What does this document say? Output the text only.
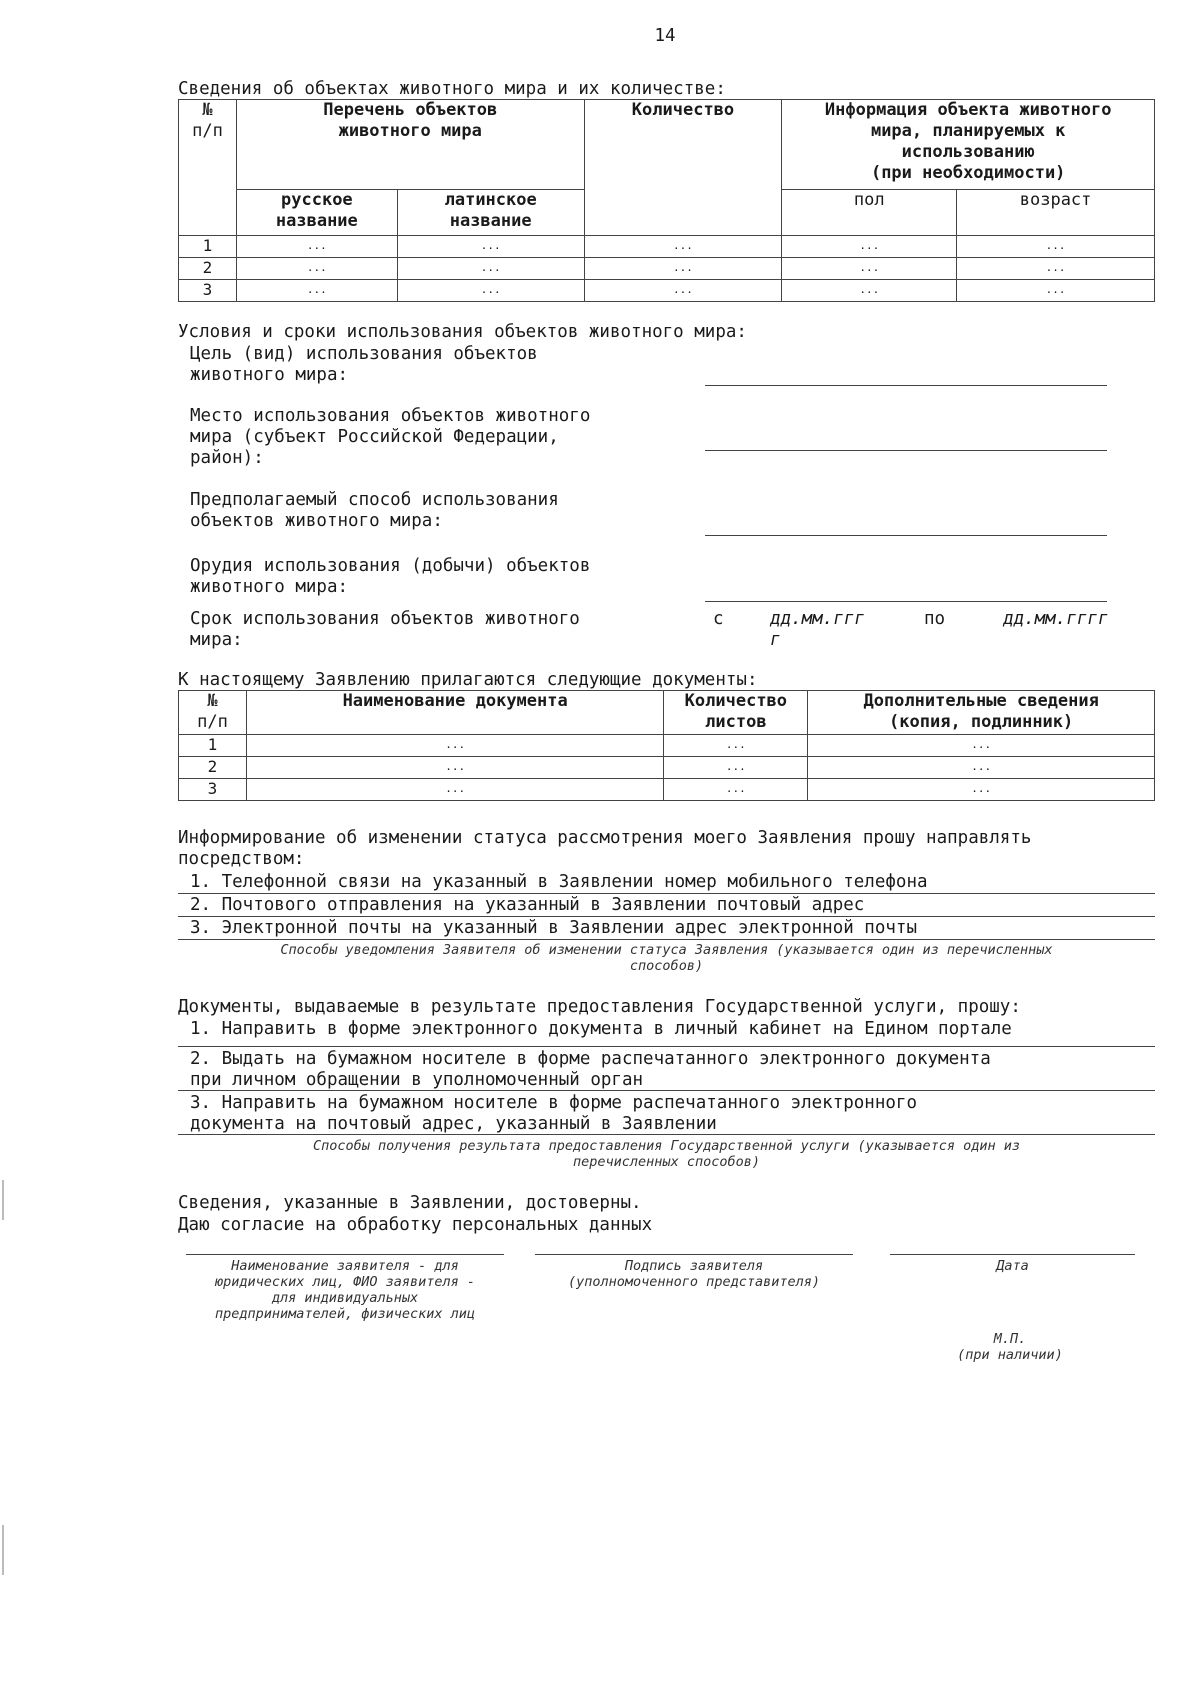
14
Сведения об объектах животного мира и их количестве:
№
п/п	Перечень объектов
животного мира		Количество	Информация объекта животного
мира, планируемых к
использованию
(при необходимости)	
	русское
название	латинское
название		пол	возраст
1	...	...	...	...	...
2	...	...	...	...	...
3	...	...	...	...	...
Условия и сроки использования объектов животного мира:
Цель (вид) использования объектов
животного мира:
Место использования объектов животного
мира (субъект Российской Федерации,
район):
Предполагаемый способ использования
объектов животного мира:
Орудия использования (добычи) объектов
животного мира:
Срок использования объектов животного
мира:
с	дд.мм.ггг
г
по	дд.мм.гггг
К настоящему Заявлению прилагаются следующие документы:
№
п/п	Наименование документа	Количество
листов	Дополнительные сведения
(копия, подлинник)
1	...	...	...
2	...	...	...
3	...	...	...
Информирование об изменении статуса рассмотрения моего Заявления прошу направлять
посредством:
1. Телефонной связи на указанный в Заявлении номер мобильного телефона
2. Почтового отправления на указанный в Заявлении почтовый адрес
3. Электронной почты на указанный в Заявлении адрес электронной почты
Способы уведомления Заявителя об изменении статуса Заявления (указывается один из перечисленных
способов)
Документы, выдаваемые в результате предоставления Государственной услуги, прошу:
1. Направить в форме электронного документа в личный кабинет на Едином портале
2. Выдать на бумажном носителе в форме распечатанного электронного документа
при личном обращении в уполномоченный орган
3. Направить на бумажном носителе в форме распечатанного электронного
документа на почтовый адрес, указанный в Заявлении
Способы получения результата предоставления Государственной услуги (указывается один из
перечисленных способов)
Сведения, указанные в Заявлении, достоверны.
Даю согласие на обработку персональных данных
Наименование заявителя - для
юридических лиц, ФИО заявителя -
для индивидуальных
предпринимателей, физических лиц
Подпись заявителя
(уполномоченного представителя)
Дата
М.П.
(при наличии)
